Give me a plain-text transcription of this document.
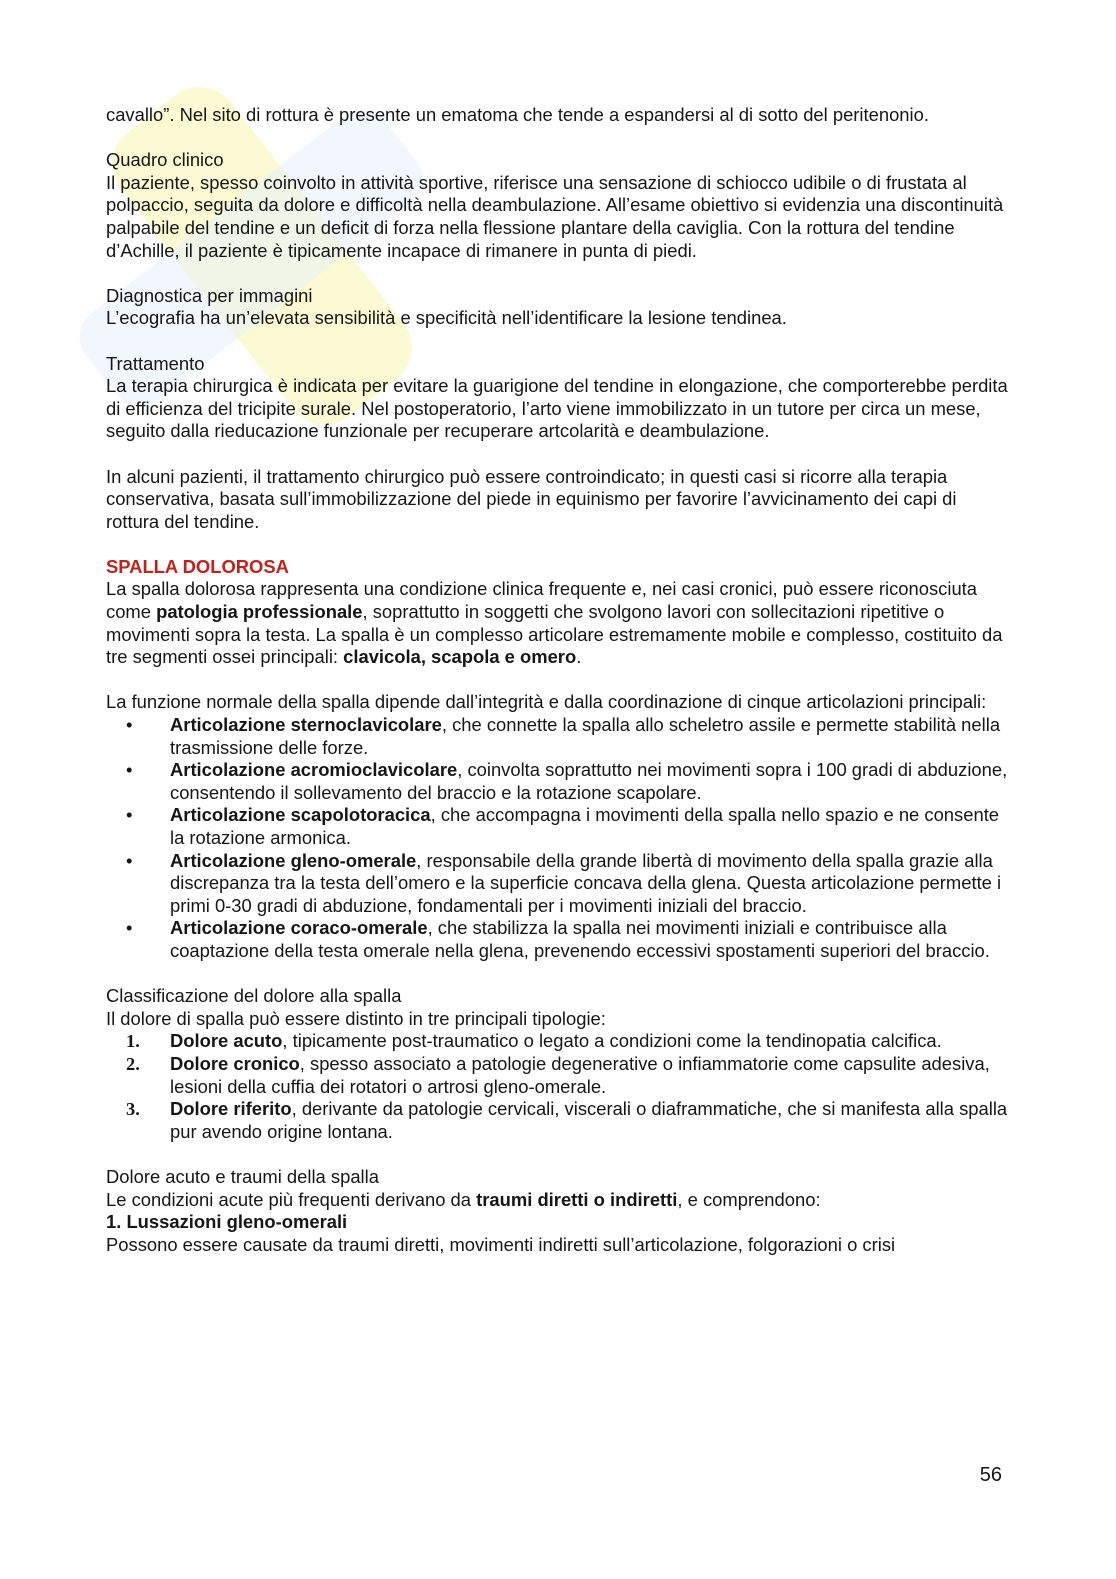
cavallo”. Nel sito di rottura è presente un ematoma che tende a espandersi al di sotto del peritenonio.

Quadro clinico
Il paziente, spesso coinvolto in attività sportive, riferisce una sensazione di schiocco udibile o di frustata al polpaccio, seguita da dolore e difficoltà nella deambulazione. All’esame obiettivo si evidenzia una discontinuità palpabile del tendine e un deficit di forza nella flessione plantare della caviglia. Con la rottura del tendine d’Achille, il paziente è tipicamente incapace di rimanere in punta di piedi.

Diagnostica per immagini
L’ecografia ha un’elevata sensibilità e specificità nell’identificare la lesione tendinea.

Trattamento
La terapia chirurgica è indicata per evitare la guarigione del tendine in elongazione, che comporterebbe perdita di efficienza del tricipite surale. Nel postoperatorio, l’arto viene immobilizzato in un tutore per circa un mese, seguito dalla rieducazione funzionale per recuperare artcolarità e deambulazione.

In alcuni pazienti, il trattamento chirurgico può essere controindicato; in questi casi si ricorre alla terapia conservativa, basata sull’immobilizzazione del piede in equinismo per favorire l’avvicinamento dei capi di rottura del tendine.

SPALLA DOLOROSA
La spalla dolorosa rappresenta una condizione clinica frequente e, nei casi cronici, può essere riconosciuta come patologia professionale, soprattutto in soggetti che svolgono lavori con sollecitazioni ripetitive o movimenti sopra la testa. La spalla è un complesso articolare estremamente mobile e complesso, costituito da tre segmenti ossei principali: clavicola, scapola e omero.

La funzione normale della spalla dipende dall’integrità e dalla coordinazione di cinque articolazioni principali:

•	Articolazione sternoclavicolare, che connette la spalla allo scheletro assile e permette stabilità nella trasmissione delle forze.
•	Articolazione acromioclavicolare, coinvolta soprattutto nei movimenti sopra i 100 gradi di abduzione, consentendo il sollevamento del braccio e la rotazione scapolare.
•	Articolazione scapolotoracica, che accompagna i movimenti della spalla nello spazio e ne consente la rotazione armonica.
•	Articolazione gleno-omerale, responsabile della grande libertà di movimento della spalla grazie alla discrepanza tra la testa dell’omero e la superficie concava della glena. Questa articolazione permette i primi 0-30 gradi di abduzione, fondamentali per i movimenti iniziali del braccio.
•	Articolazione coraco-omerale, che stabilizza la spalla nei movimenti iniziali e contribuisce alla coaptazione della testa omerale nella glena, prevenendo eccessivi spostamenti superiori del braccio.

Classificazione del dolore alla spalla
Il dolore di spalla può essere distinto in tre principali tipologie:

1.	Dolore acuto, tipicamente post-traumatico o legato a condizioni come la tendinopatia calcifica.
2.	Dolore cronico, spesso associato a patologie degenerative o infiammatorie come capsulite adesiva, lesioni della cuffia dei rotatori o artrosi gleno-omerale.
3.	Dolore riferito, derivante da patologie cervicali, viscerali o diaframmatiche, che si manifesta alla spalla pur avendo origine lontana.

Dolore acuto e traumi della spalla
Le condizioni acute più frequenti derivano da traumi diretti o indiretti, e comprendono:
1. Lussazioni gleno-omerali
Possono essere causate da traumi diretti, movimenti indiretti sull’articolazione, folgorazioni o crisi

56
